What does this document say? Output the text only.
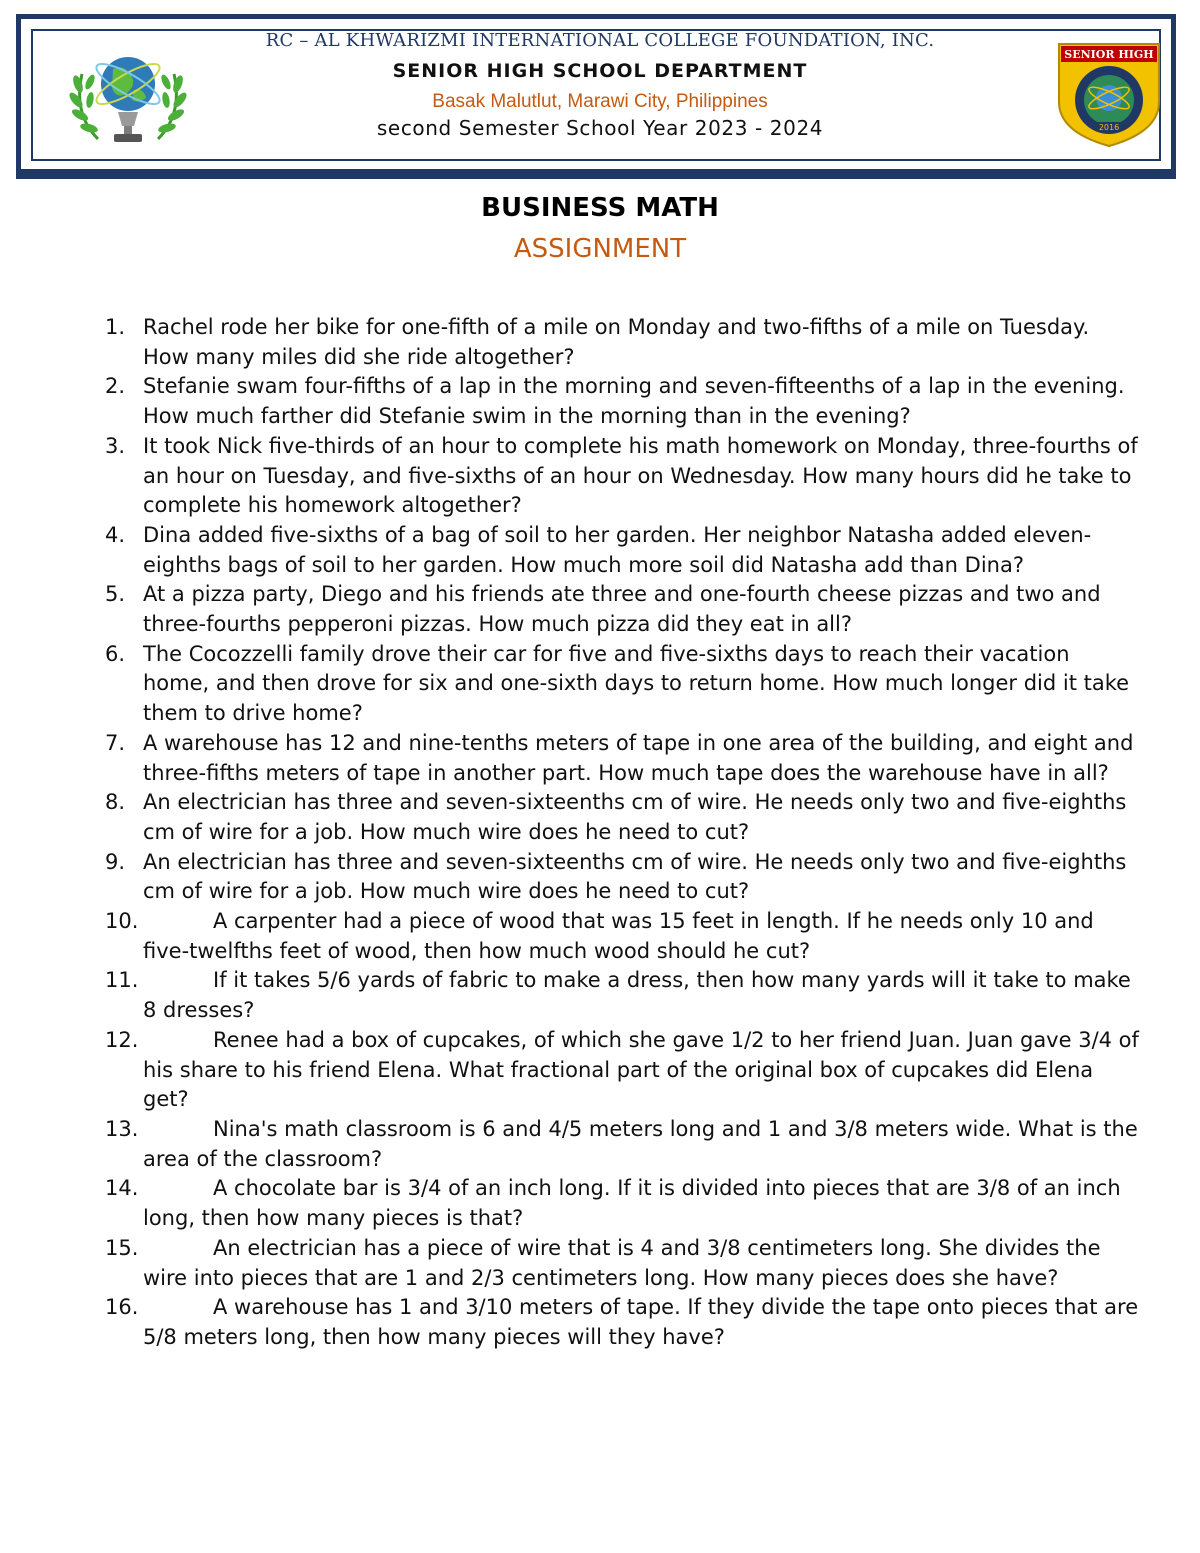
SENIOR HIGH
2016
RC – AL KHWARIZMI INTERNATIONAL COLLEGE FOUNDATION, INC.
SENIOR HIGH SCHOOL DEPARTMENT
Basak Malutlut, Marawi City, Philippines
second Semester School Year 2023 - 2024
BUSINESS MATH
ASSIGNMENT
1. Rachel rode her bike for one-fifth of a mile on Monday and two-fifths of a mile on Tuesday. How many miles did she ride altogether?
2. Stefanie swam four-fifths of a lap in the morning and seven-fifteenths of a lap in the evening. How much farther did Stefanie swim in the morning than in the evening?
3. It took Nick five-thirds of an hour to complete his math homework on Monday, three-fourths of an hour on Tuesday, and five-sixths of an hour on Wednesday. How many hours did he take to complete his homework altogether?
4. Dina added five-sixths of a bag of soil to her garden. Her neighbor Natasha added eleven-eighths bags of soil to her garden. How much more soil did Natasha add than Dina?
5. At a pizza party, Diego and his friends ate three and one-fourth cheese pizzas and two and three-fourths pepperoni pizzas. How much pizza did they eat in all?
6. The Cocozzelli family drove their car for five and five-sixths days to reach their vacation home, and then drove for six and one-sixth days to return home. How much longer did it take them to drive home?
7. A warehouse has 12 and nine-tenths meters of tape in one area of the building, and eight and three-fifths meters of tape in another part. How much tape does the warehouse have in all?
8. An electrician has three and seven-sixteenths cm of wire. He needs only two and five-eighths cm of wire for a job. How much wire does he need to cut?
9. An electrician has three and seven-sixteenths cm of wire. He needs only two and five-eighths cm of wire for a job. How much wire does he need to cut?
10.	A carpenter had a piece of wood that was 15 feet in length. If he needs only 10 and five-twelfths feet of wood, then how much wood should he cut?
11.	If it takes 5/6 yards of fabric to make a dress, then how many yards will it take to make 8 dresses?
12.	Renee had a box of cupcakes, of which she gave 1/2 to her friend Juan. Juan gave 3/4 of his share to his friend Elena. What fractional part of the original box of cupcakes did Elena get?
13.	Nina's math classroom is 6 and 4/5 meters long and 1 and 3/8 meters wide. What is the area of the classroom?
14.	A chocolate bar is 3/4 of an inch long. If it is divided into pieces that are 3/8 of an inch long, then how many pieces is that?
15.	An electrician has a piece of wire that is 4 and 3/8 centimeters long. She divides the wire into pieces that are 1 and 2/3 centimeters long. How many pieces does she have?
16.	A warehouse has 1 and 3/10 meters of tape. If they divide the tape onto pieces that are 5/8 meters long, then how many pieces will they have?
